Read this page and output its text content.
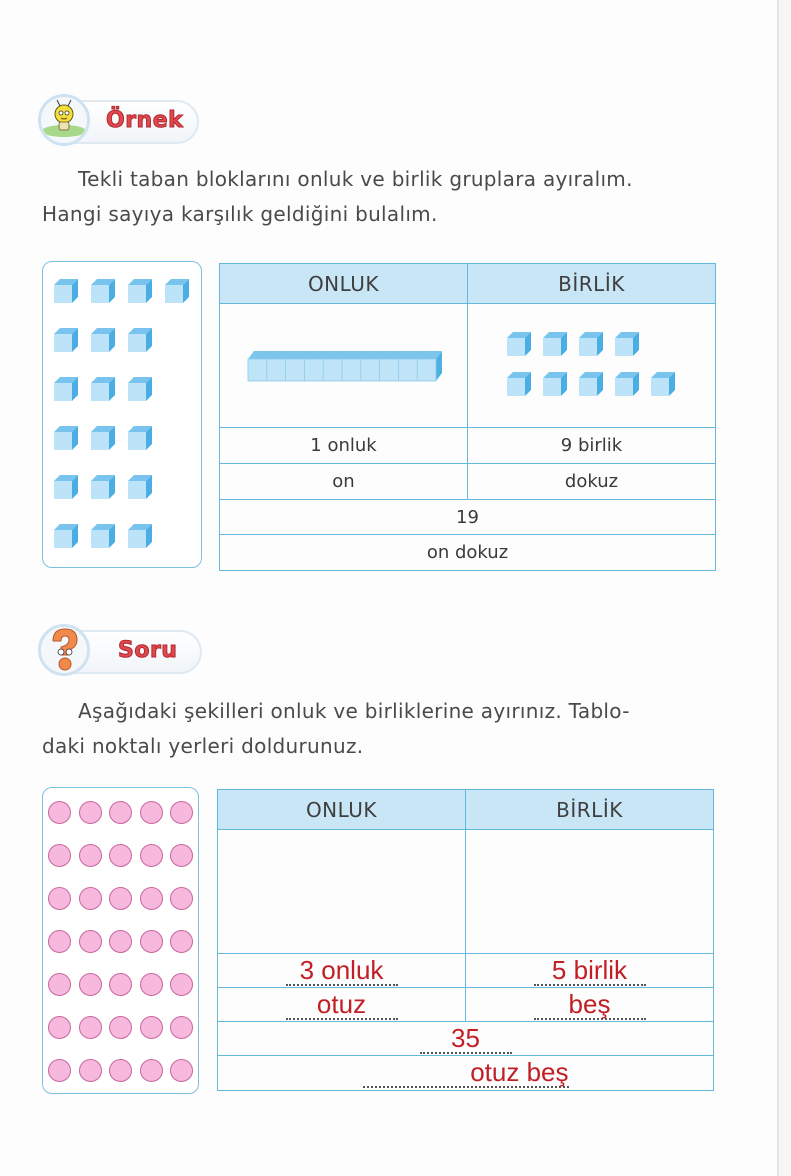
Örnek
Tekli taban bloklarını onluk ve birlik gruplara ayıralım.
Hangi sayıya karşılık geldiğini bulalım.
ONLUK	BİRLİK

1 onluk	9 birlik
on	dokuz
19	
on dokuz	
Soru
Aşağıdaki şekilleri onluk ve birliklerine ayırınız. Tablo-
daki noktalı yerleri doldurunuz.
ONLUK	BİRLİK

3 onluk	5 birlik
otuz	beş
35	
otuz beş	
